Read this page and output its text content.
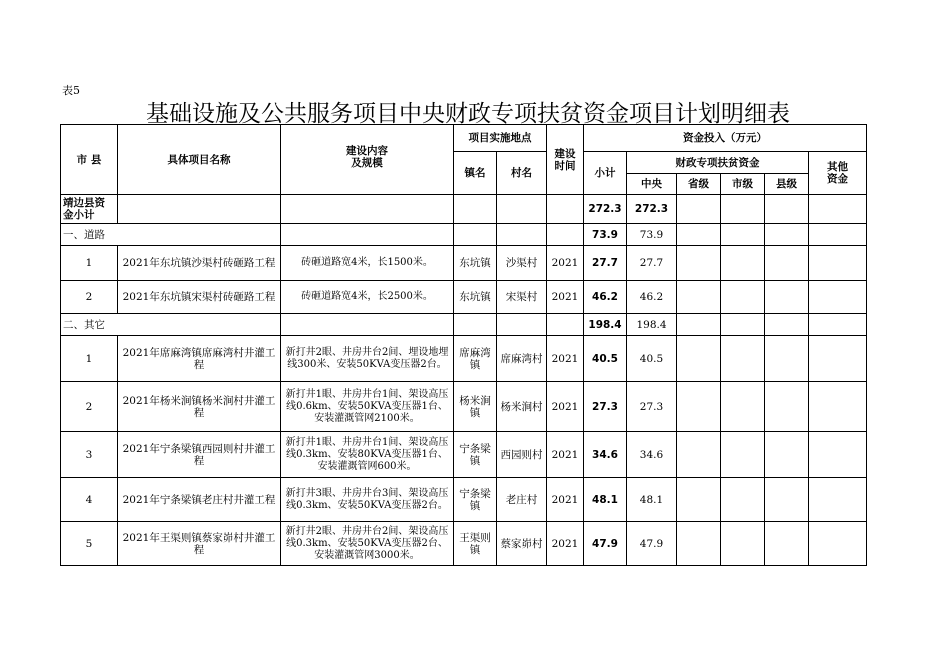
表5
基础设施及公共服务项目中央财政专项扶贫资金项目计划明细表
市 县	具体项目名称	建设内容
及规模	项目实施地点		建设
时间	资金投入（万元）					
			镇名	村名		小计	财政专项扶贫资金				其他
资金
							中央	省级	市级	县级	
靖边县资
金小计						272.3	272.3				
一、道路						73.9	73.9				
1	2021年东坑镇沙渠村砖砸路工程	砖砸道路宽4米，长1500米。	东坑镇	沙渠村	2021	27.7	27.7				
2	2021年东坑镇宋渠村砖砸路工程	砖砸道路宽4米，长2500米。	东坑镇	宋渠村	2021	46.2	46.2				
二、其它						198.4	198.4				
1	2021年席麻湾镇席麻湾村井灌工程	新打井2眼、井房井台2间、埋设地埋线300米、安装50KVA变压器2台。	席麻湾镇	席麻湾村	2021	40.5	40.5				
2	2021年杨米涧镇杨米涧村井灌工程	新打井1眼、井房井台1间、架设高压线0.6km、安装50KVA变压器1台、安装灌溉管网2100米。	杨米涧镇	杨米涧村	2021	27.3	27.3				
3	2021年宁条梁镇西园则村井灌工程	新打井1眼、井房井台1间、架设高压线0.3km、安装80KVA变压器1台、安装灌溉管网600米。	宁条梁镇	西园则村	2021	34.6	34.6				
4	2021年宁条梁镇老庄村井灌工程	新打井3眼、井房井台3间、架设高压线0.3km、安装50KVA变压器2台。	宁条梁镇	老庄村	2021	48.1	48.1				
5	2021年王渠则镇蔡家峁村井灌工程	新打井2眼、井房井台2间、架设高压线0.3km、安装50KVA变压器2台、安装灌溉管网3000米。	王渠则镇	蔡家峁村	2021	47.9	47.9				
